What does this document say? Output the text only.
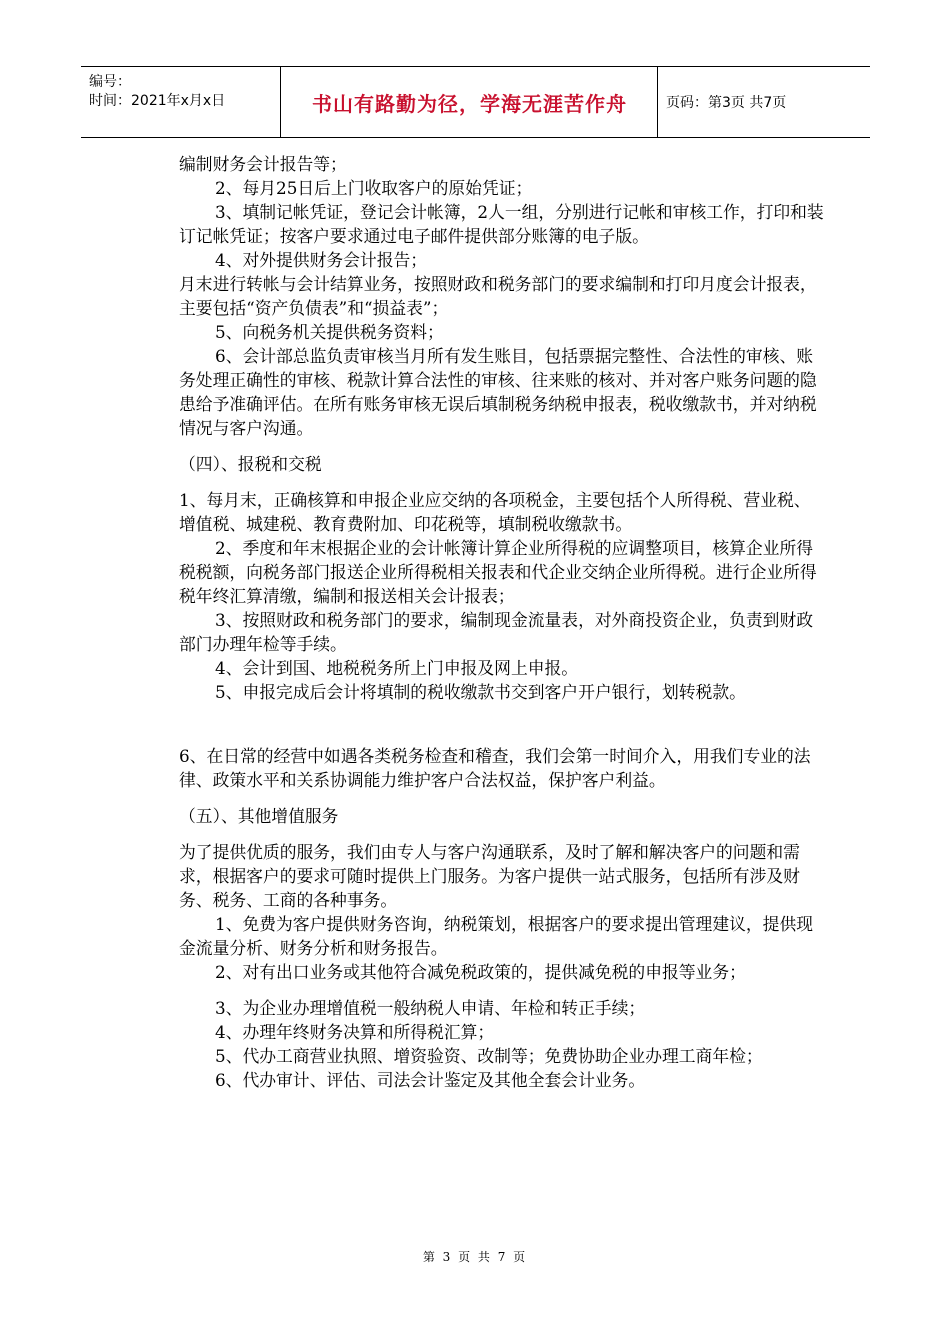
编号：
时间：2021年x月x日	书山有路勤为径，学海无涯苦作舟	页码：第3页 共7页

编制财务会计报告等；

2、每月25日后上门收取客户的原始凭证；

3、填制记帐凭证，登记会计帐簿，2人一组，分别进行记帐和审核工作，打印和装订记帐凭证；按客户要求通过电子邮件提供部分账簿的电子版。

4、对外提供财务会计报告；

月末进行转帐与会计结算业务，按照财政和税务部门的要求编制和打印月度会计报表，主要包括“资产负债表”和“损益表”；

5、向税务机关提供税务资料；

6、会计部总监负责审核当月所有发生账目，包括票据完整性、合法性的审核、账务处理正确性的审核、税款计算合法性的审核、往来账的核对、并对客户账务问题的隐患给予准确评估。在所有账务审核无误后填制税务纳税申报表，税收缴款书，并对纳税情况与客户沟通。

（四）、报税和交税

1、每月末，正确核算和申报企业应交纳的各项税金，主要包括个人所得税、营业税、增值税、城建税、教育费附加、印花税等，填制税收缴款书。

2、季度和年末根据企业的会计帐簿计算企业所得税的应调整项目，核算企业所得税税额，向税务部门报送企业所得税相关报表和代企业交纳企业所得税。进行企业所得税年终汇算清缴，编制和报送相关会计报表；

3、按照财政和税务部门的要求，编制现金流量表，对外商投资企业，负责到财政部门办理年检等手续。

4、会计到国、地税税务所上门申报及网上申报。

5、申报完成后会计将填制的税收缴款书交到客户开户银行，划转税款。

6、在日常的经营中如遇各类税务检查和稽查，我们会第一时间介入，用我们专业的法律、政策水平和关系协调能力维护客户合法权益，保护客户利益。

（五）、其他增值服务

为了提供优质的服务，我们由专人与客户沟通联系，及时了解和解决客户的问题和需求，根据客户的要求可随时提供上门服务。为客户提供一站式服务，包括所有涉及财务、税务、工商的各种事务。

1、免费为客户提供财务咨询，纳税策划，根据客户的要求提出管理建议，提供现金流量分析、财务分析和财务报告。

2、对有出口业务或其他符合减免税政策的，提供减免税的申报等业务；

3、为企业办理增值税一般纳税人申请、年检和转正手续；

4、办理年终财务决算和所得税汇算；

5、代办工商营业执照、增资验资、改制等；免费协助企业办理工商年检；

6、代办审计、评估、司法会计鉴定及其他全套会计业务。

第 3 页 共 7 页
